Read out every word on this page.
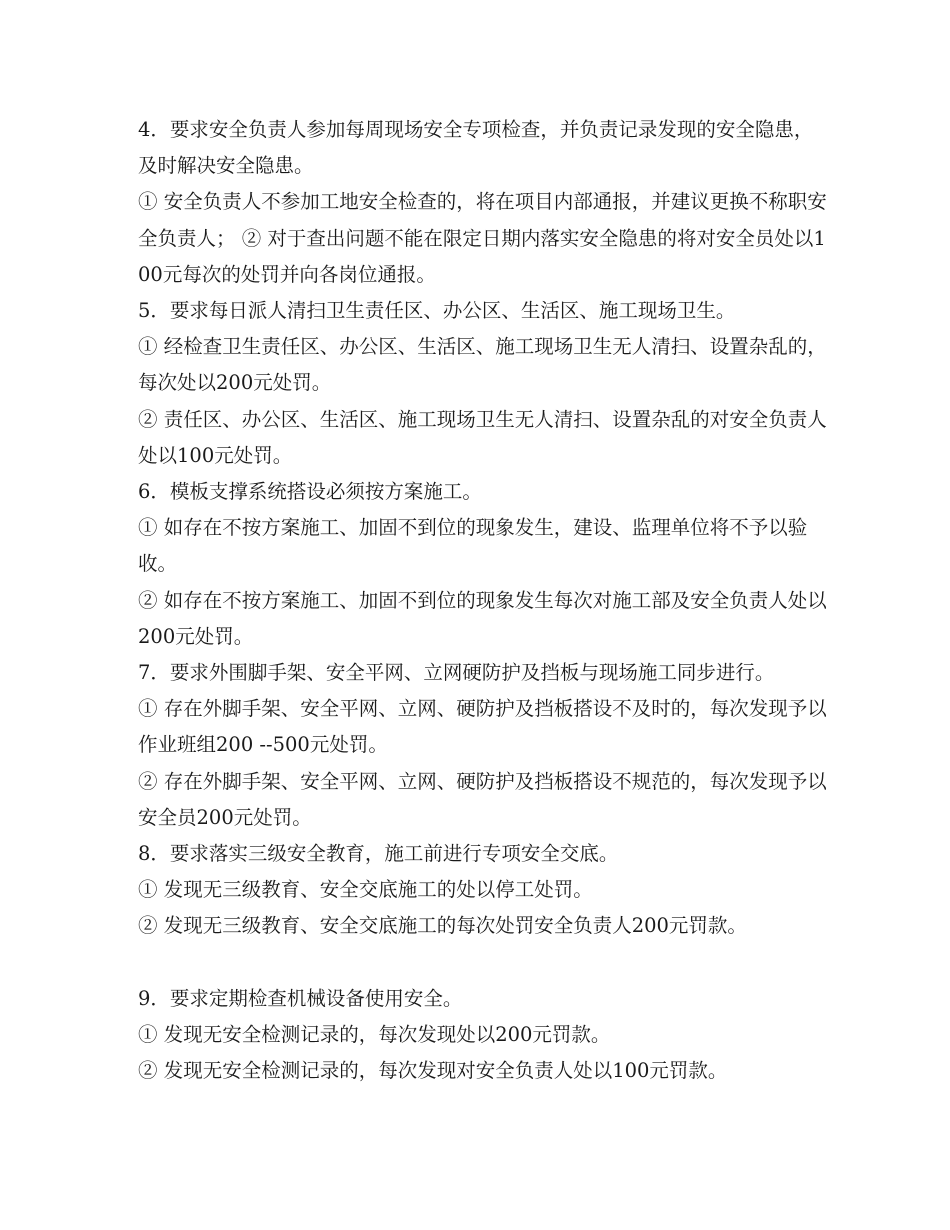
4．要求安全负责人参加每周现场安全专项检查，并负责记录发现的安全隐患，及时解决安全隐患。

① 安全负责人不参加工地安全检查的，将在项目内部通报，并建议更换不称职安全负责人； ② 对于查出问题不能在限定日期内落实安全隐患的将对安全员处以100元每次的处罚并向各岗位通报。

5．要求每日派人清扫卫生责任区、办公区、生活区、施工现场卫生。

① 经检查卫生责任区、办公区、生活区、施工现场卫生无人清扫、设置杂乱的，每次处以200元处罚。

② 责任区、办公区、生活区、施工现场卫生无人清扫、设置杂乱的对安全负责人处以100元处罚。

6．模板支撑系统搭设必须按方案施工。

① 如存在不按方案施工、加固不到位的现象发生，建设、监理单位将不予以验收。

② 如存在不按方案施工、加固不到位的现象发生每次对施工部及安全负责人处以200元处罚。

7．要求外围脚手架、安全平网、立网硬防护及挡板与现场施工同步进行。

① 存在外脚手架、安全平网、立网、硬防护及挡板搭设不及时的，每次发现予以作业班组200 --500元处罚。

② 存在外脚手架、安全平网、立网、硬防护及挡板搭设不规范的，每次发现予以安全员200元处罚。

8．要求落实三级安全教育，施工前进行专项安全交底。

① 发现无三级教育、安全交底施工的处以停工处罚。

② 发现无三级教育、安全交底施工的每次处罚安全负责人200元罚款。

9．要求定期检查机械设备使用安全。

① 发现无安全检测记录的，每次发现处以200元罚款。

② 发现无安全检测记录的，每次发现对安全负责人处以100元罚款。
